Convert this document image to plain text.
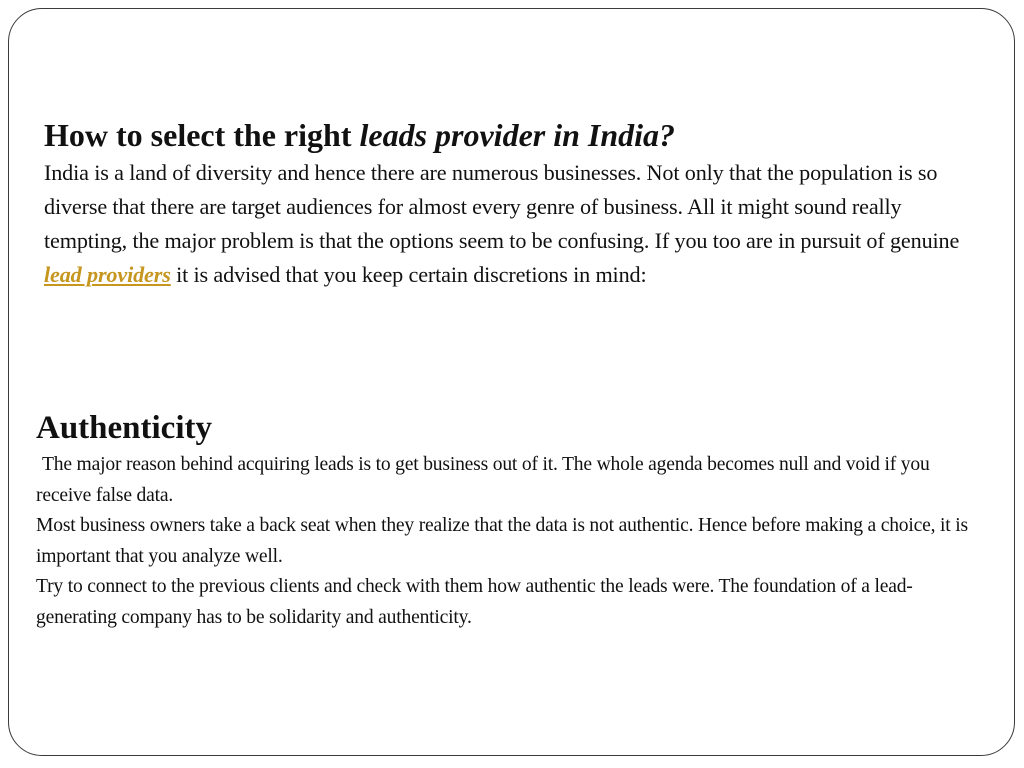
How to select the right leads provider in India?

India is a land of diversity and hence there are numerous businesses. Not only that the population is so diverse that there are target audiences for almost every genre of business. All it might sound really tempting, the major problem is that the options seem to be confusing. If you too are in pursuit of genuine lead providers it is advised that you keep certain discretions in mind:

Authenticity

The major reason behind acquiring leads is to get business out of it. The whole agenda becomes null and void if you receive false data.

Most business owners take a back seat when they realize that the data is not authentic. Hence before making a choice, it is important that you analyze well.

Try to connect to the previous clients and check with them how authentic the leads were. The foundation of a lead-generating company has to be solidarity and authenticity.
